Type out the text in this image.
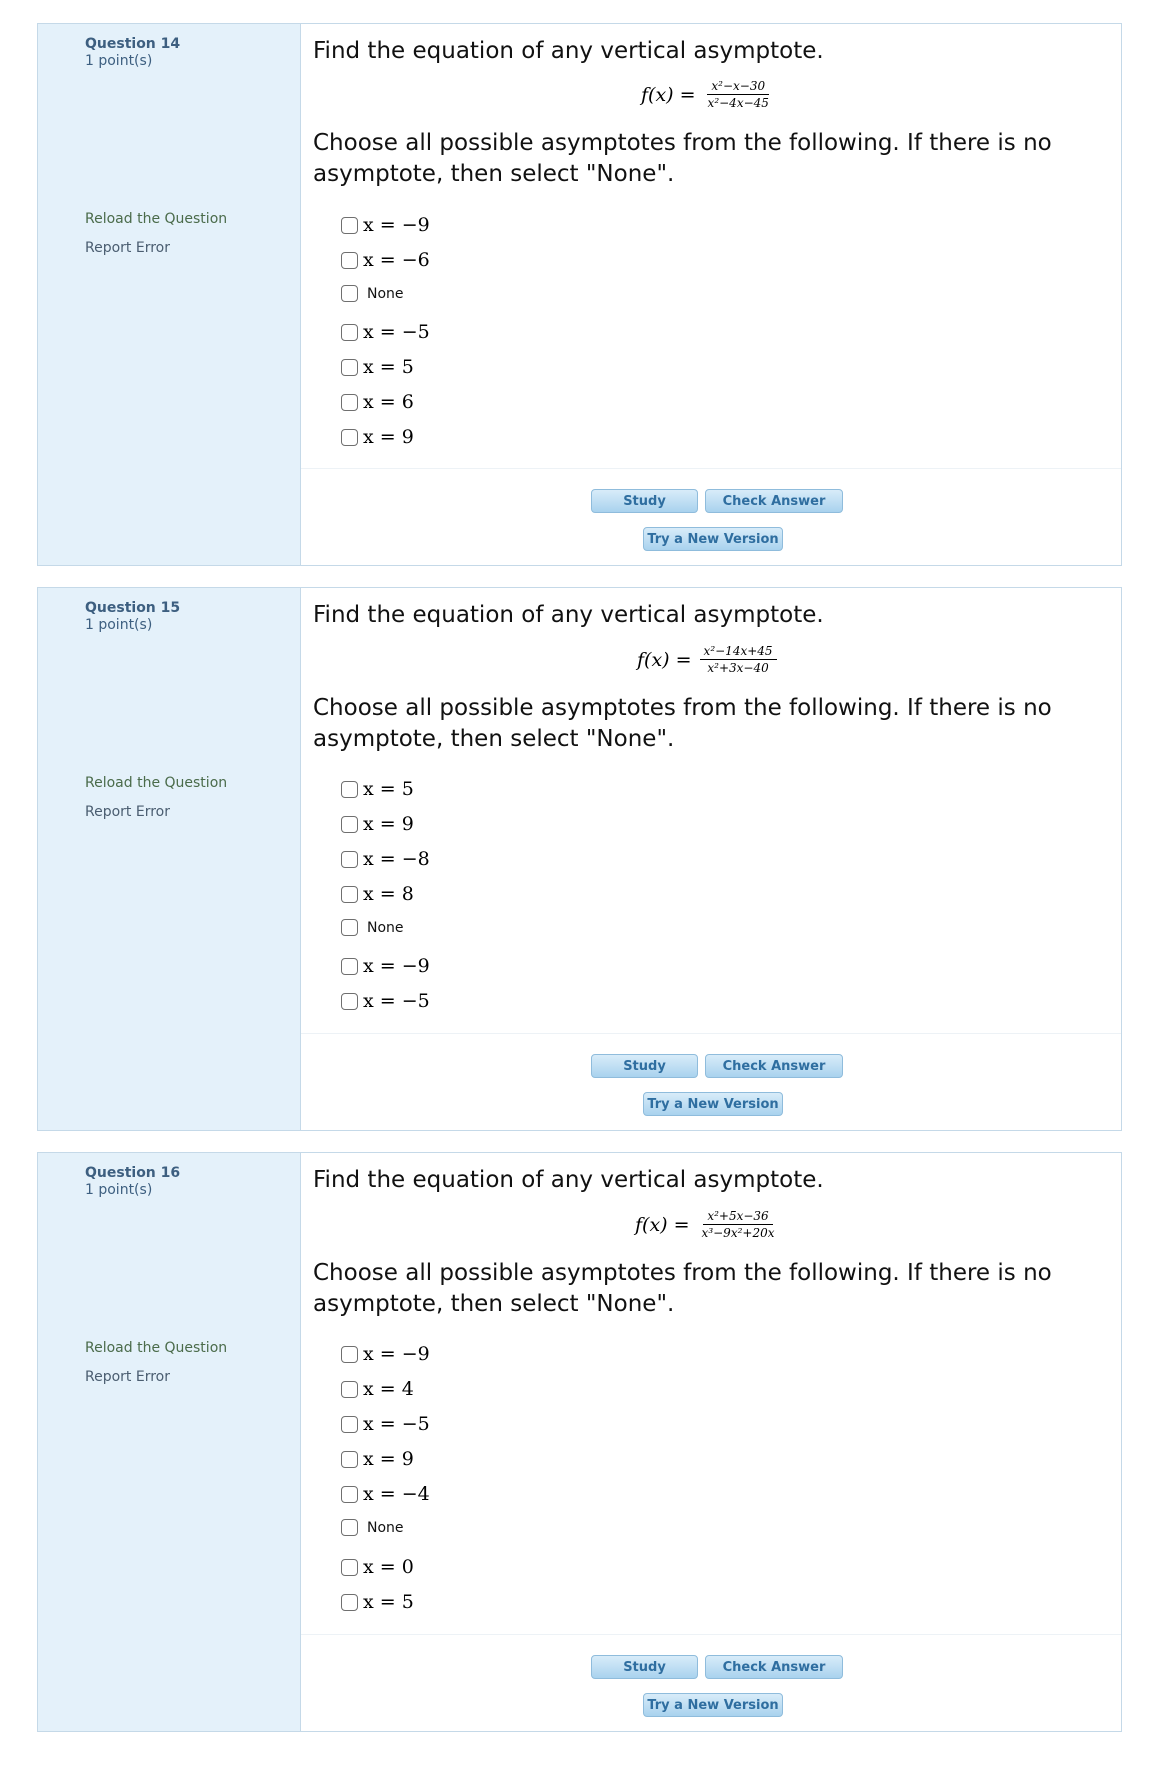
Question 14
1 point(s)
Reload the Question
Report Error
Find the equation of any vertical asymptote.
$f(x) = \frac{\text{x²−x−30}}{\text{x²−4x−45}}$
Choose all possible asymptotes from the following. If there is no asymptote, then select "None".
x = −9
x = −6
None
x = −5
x = 5
x = 6
x = 9
Study	Check Answer
Try a New Version
Question 15
1 point(s)
Reload the Question
Report Error
Find the equation of any vertical asymptote.
$f(x) = \frac{\text{x²−14x+45}}{\text{x²+3x−40}}$
Choose all possible asymptotes from the following. If there is no asymptote, then select "None".
x = 5
x = 9
x = −8
x = 8
None
x = −9
x = −5
Study	Check Answer
Try a New Version
Question 16
1 point(s)
Reload the Question
Report Error
Find the equation of any vertical asymptote.
$f(x) = \frac{\text{x²+5x−36}}{\text{x³−9x²+20x}}$
Choose all possible asymptotes from the following. If there is no asymptote, then select "None".
x = −9
x = 4
x = −5
x = 9
x = −4
None
x = 0
x = 5
Study	Check Answer
Try a New Version
